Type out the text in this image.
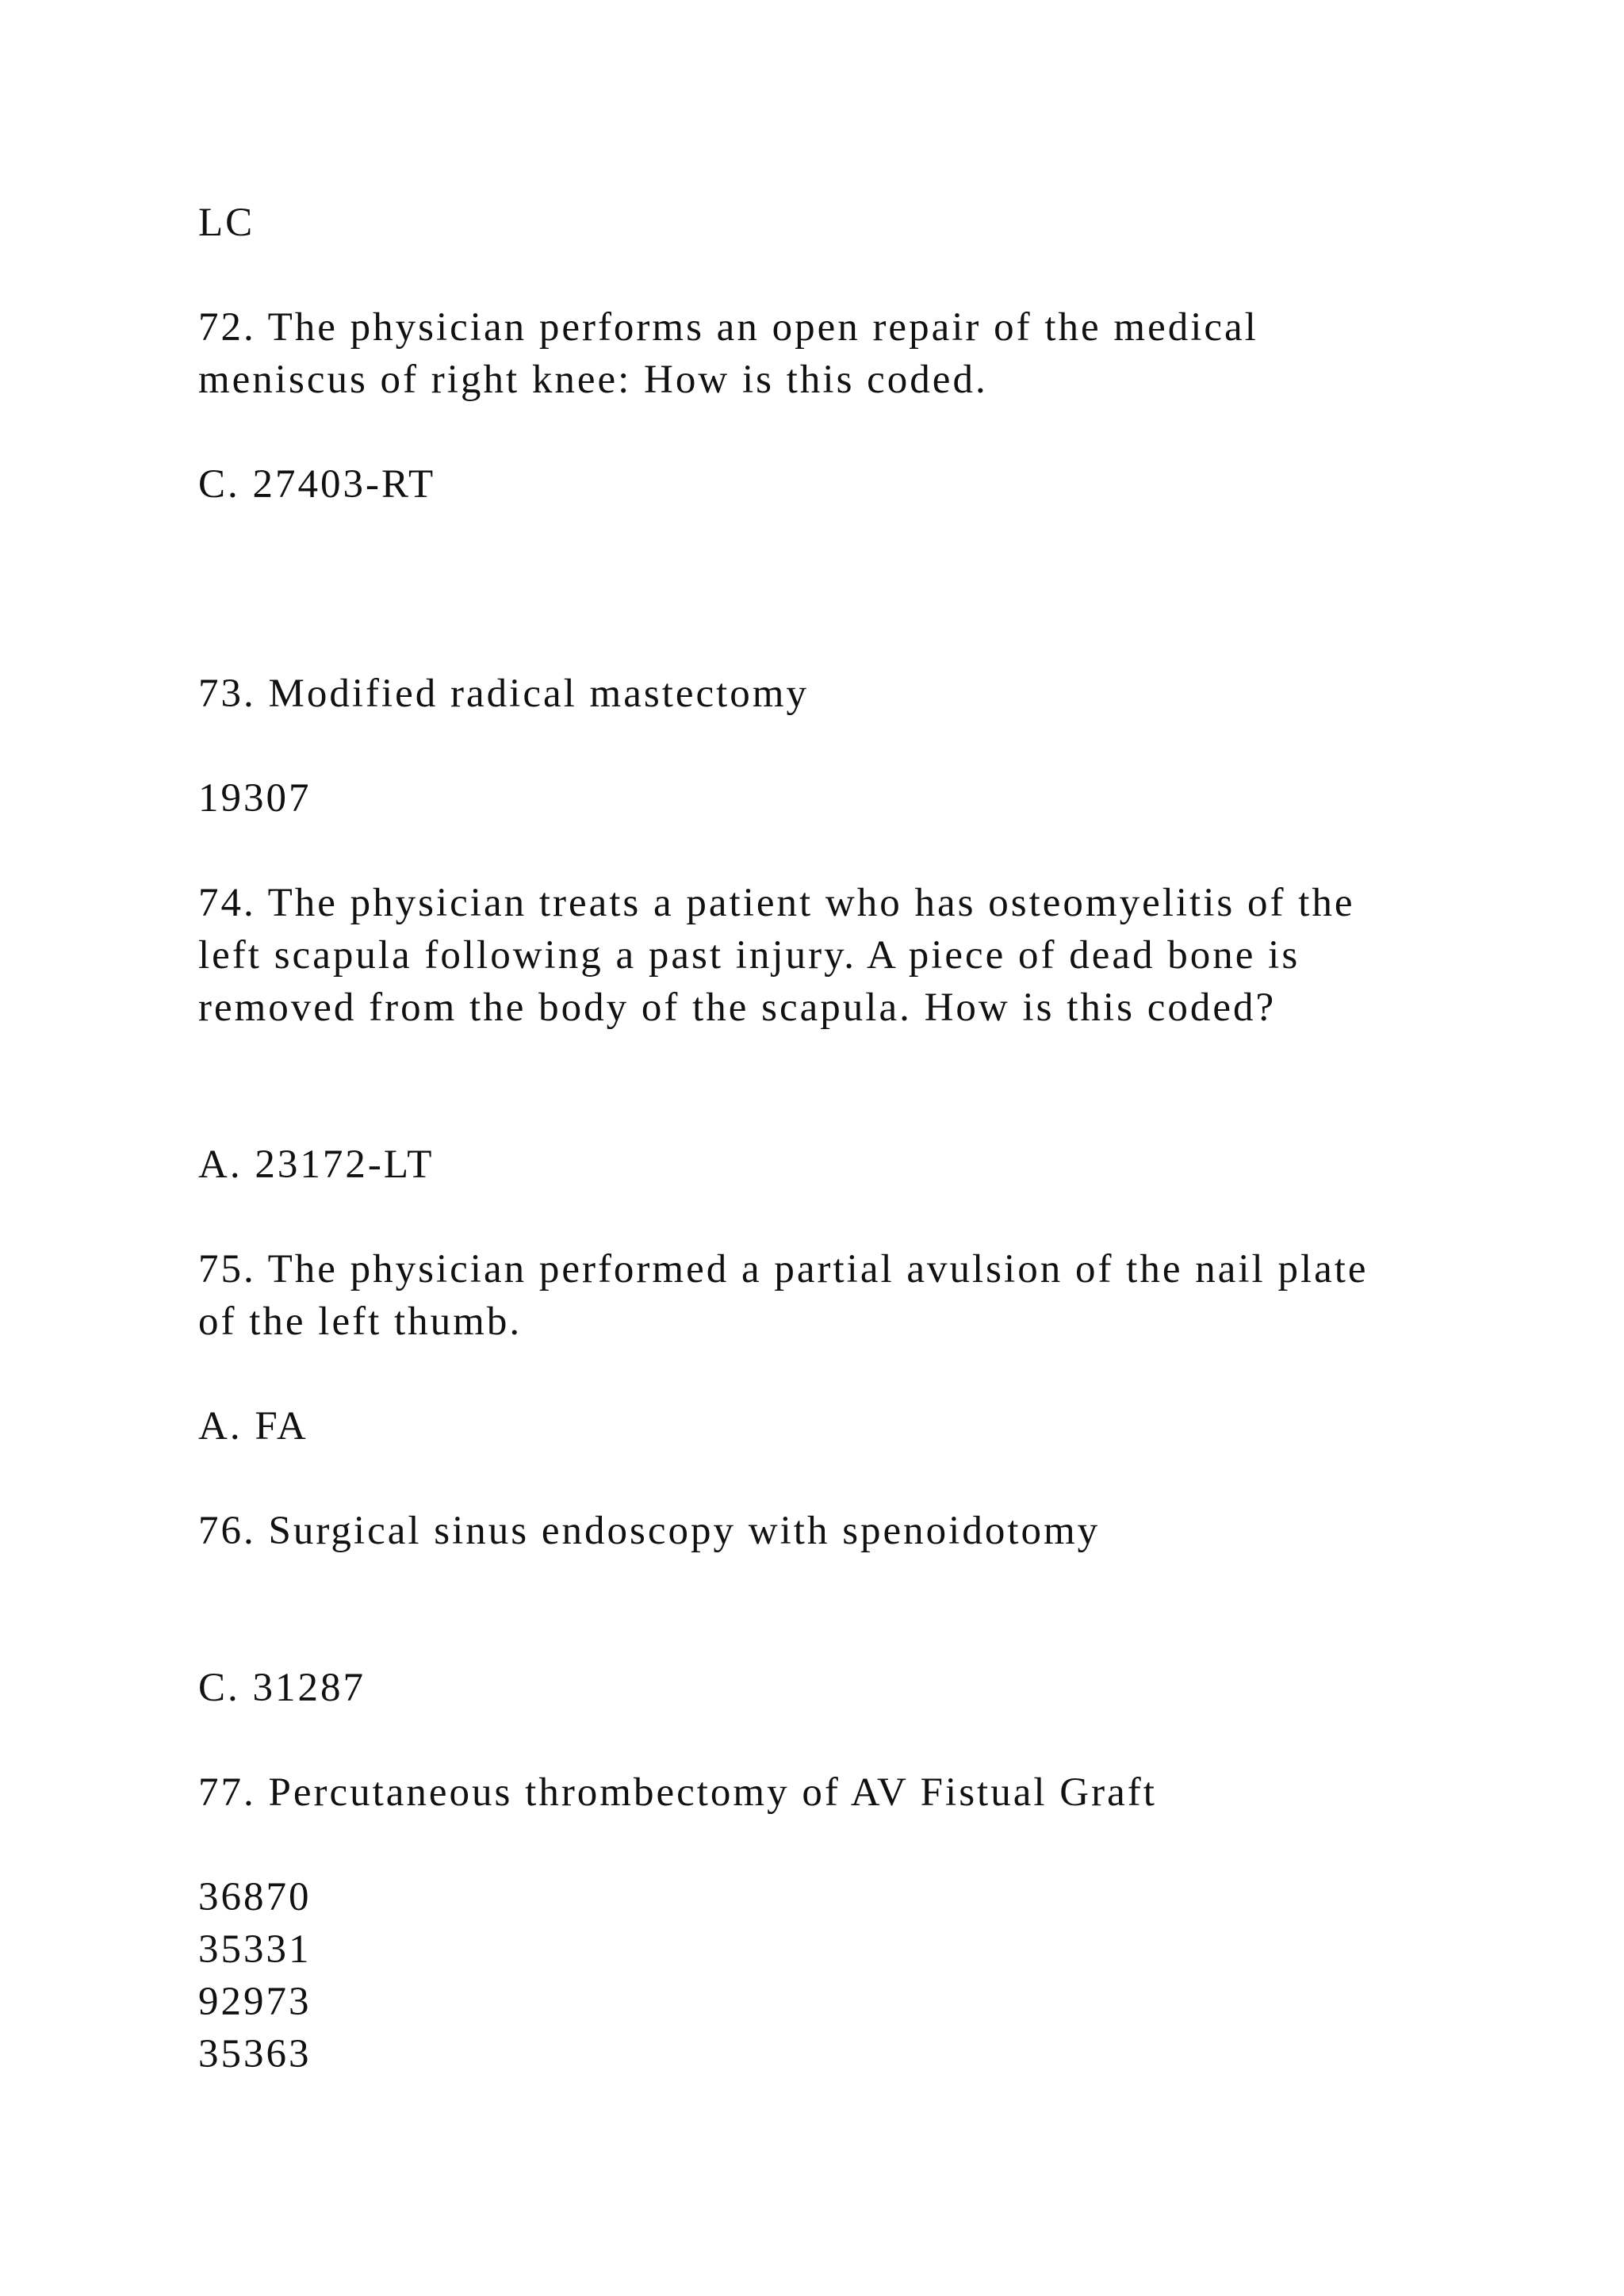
LC

72. The physician performs an open repair of the medical

meniscus of right knee: How is this coded.

C. 27403-RT

73. Modified radical mastectomy

19307

74. The physician treats a patient who has osteomyelitis of the

left scapula following a past injury. A piece of dead bone is

removed from the body of the scapula. How is this coded?

A. 23172-LT

75. The physician performed a partial avulsion of the nail plate

of the left thumb.

A. FA

76. Surgical sinus endoscopy with spenoidotomy

C. 31287

77. Percutaneous thrombectomy of AV Fistual Graft

36870

35331

92973

35363
